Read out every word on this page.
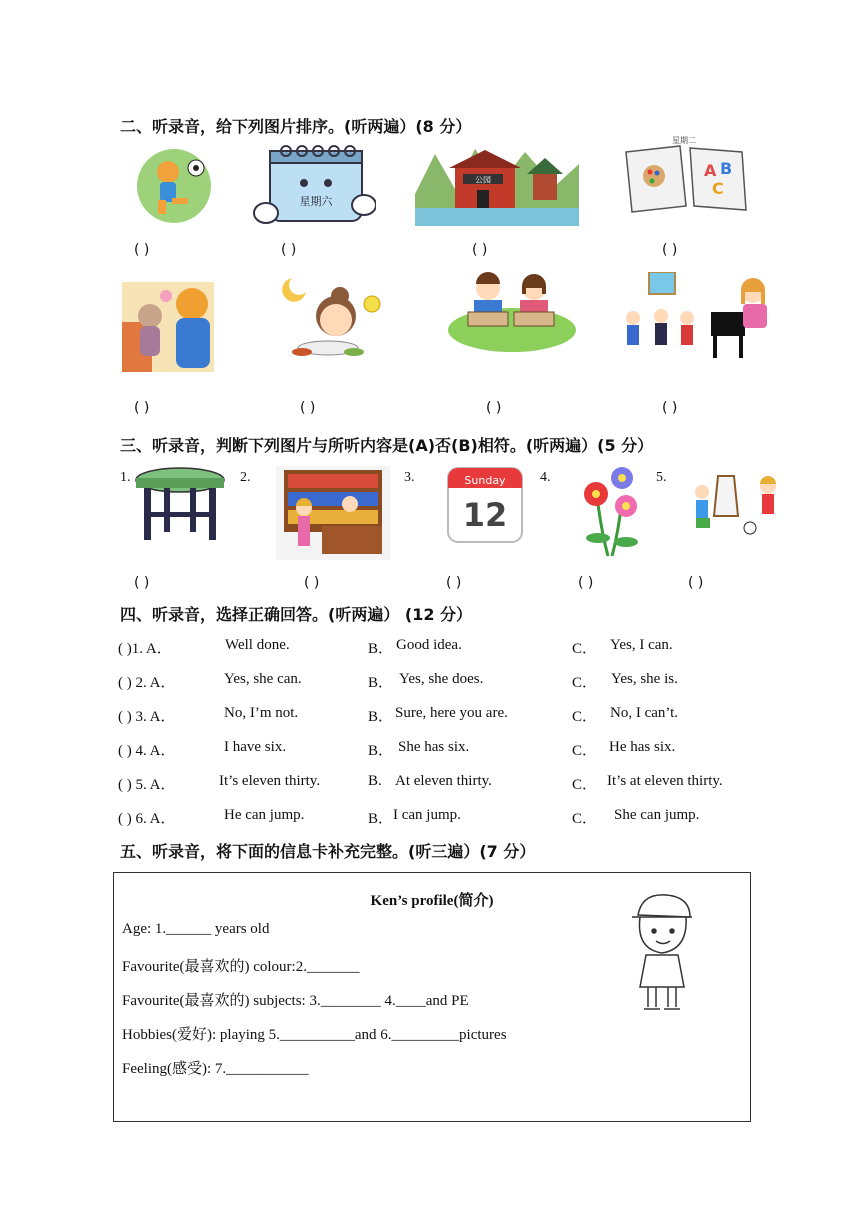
二、听录音，给下列图片排序。(听两遍）(8 分）
星期六
公园
星期二
A B
C
( )	( )	( )	( )
( )	( )	( )	( )
三、听录音，判断下列图片与所听内容是(A)否(B)相符。(听两遍）(5 分）
1.	2.	3.	4.	5.
Sunday
12
( )	( )	( )	( )	( )
四、听录音，选择正确回答。(听两遍） (12 分）
( )1. A．	Well done.	B． Good idea.	C． Yes, I can.
( ) 2. A．	Yes, she can.	B． Yes, she does.	C． Yes, she is.
( ) 3. A．	No, I’m not.	B． Sure, here you are.	C． No, I can’t.
( ) 4. A．	I have six.	B． She has six.	C． He has six.
( ) 5. A．	It’s eleven thirty.	B. At eleven thirty.	C． It’s at eleven thirty.
( ) 6. A．	He can jump.	B． I can jump.	C． She can jump.
五、听录音，将下面的信息卡补充完整。(听三遍）(7 分）
Ken’s profile(简介)
Age: 1.______ years old
Favourite(最喜欢的) colour:2._______
Favourite(最喜欢的) subjects: 3.________ 4.____and PE
Hobbies(爱好): playing 5.__________and 6._________pictures
Feeling(感受): 7.___________
